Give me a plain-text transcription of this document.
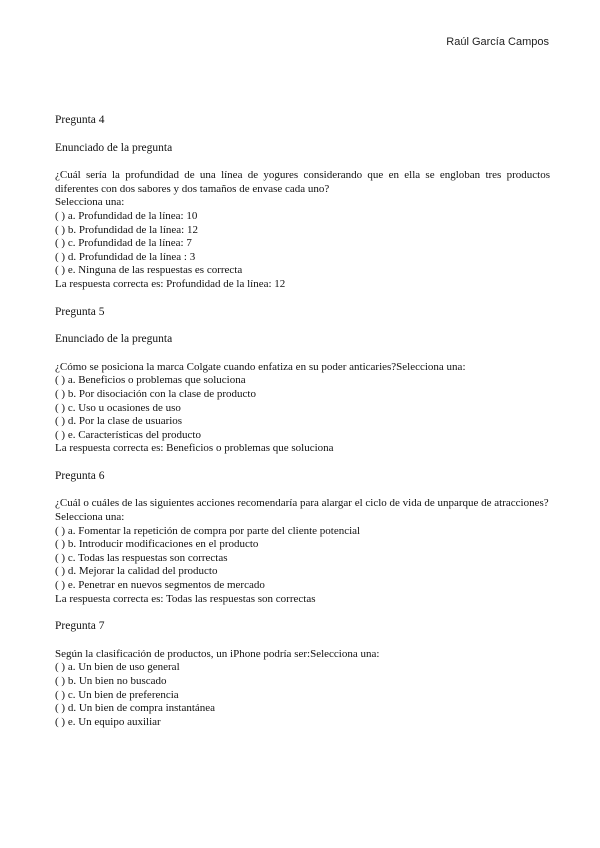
Raúl García Campos

Pregunta 4

Enunciado de la pregunta

¿Cuál sería la profundidad de una línea de yogures considerando que en ella se engloban tres productos diferentes con dos sabores y dos tamaños de envase cada uno?

Selecciona una:

( ) a. Profundidad de la línea: 10

( ) b. Profundidad de la línea: 12

( ) c. Profundidad de la línea: 7

( ) d. Profundidad de la línea : 3

( ) e. Ninguna de las respuestas es correcta

La respuesta correcta es: Profundidad de la línea: 12

Pregunta 5

Enunciado de la pregunta

¿Cómo se posiciona la marca Colgate cuando enfatiza en su poder anticaries?Selecciona una:

( ) a. Beneficios o problemas que soluciona

( ) b. Por disociación con la clase de producto

( ) c. Uso u ocasiones de uso

( ) d. Por la clase de usuarios

( ) e. Características del producto

La respuesta correcta es: Beneficios o problemas que soluciona

Pregunta 6

¿Cuál o cuáles de las siguientes acciones recomendaría para alargar el ciclo de vida de unparque de atracciones?

Selecciona una:

( ) a. Fomentar la repetición de compra por parte del cliente potencial

( ) b. Introducir modificaciones en el producto

( ) c. Todas las respuestas son correctas

( ) d. Mejorar la calidad del producto

( ) e. Penetrar en nuevos segmentos de mercado

La respuesta correcta es: Todas las respuestas son correctas

Pregunta 7

Según la clasificación de productos, un iPhone podría ser:Selecciona una:

( ) a. Un bien de uso general

( ) b. Un bien no buscado

( ) c. Un bien de preferencia

( ) d. Un bien de compra instantánea

( ) e. Un equipo auxiliar
